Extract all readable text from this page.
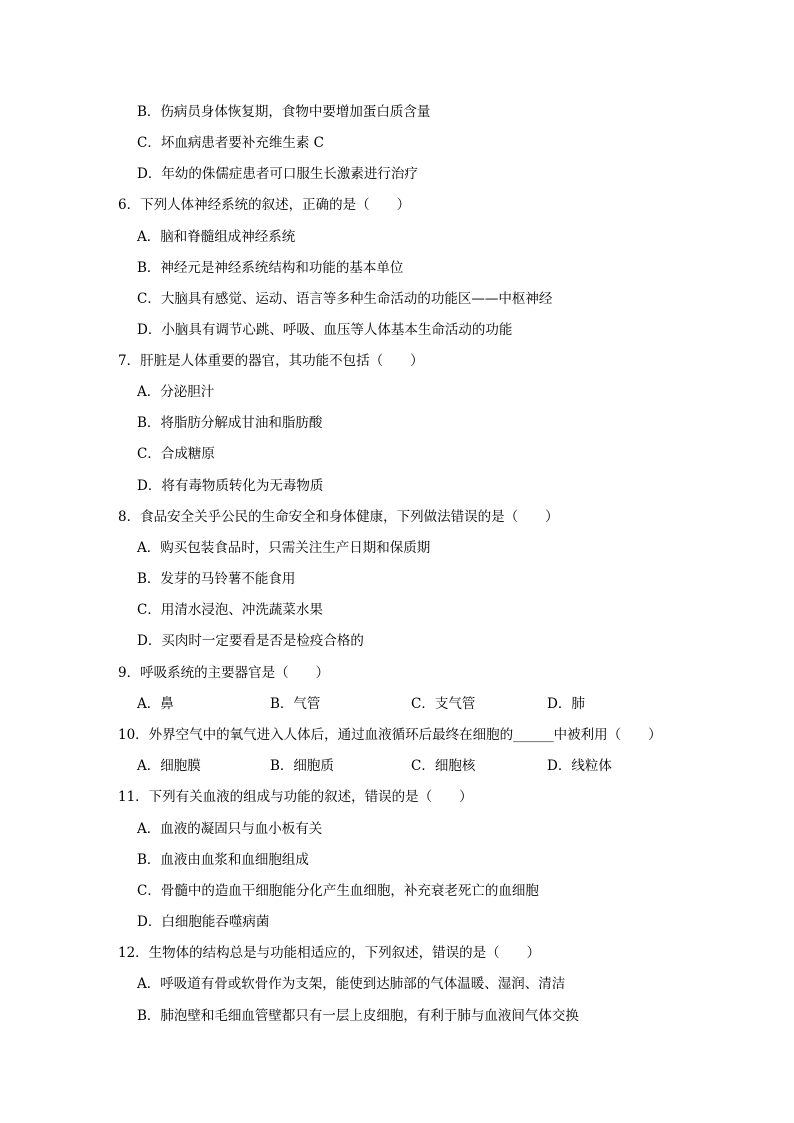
B．伤病员身体恢复期，食物中要增加蛋白质含量
C．坏血病患者要补充维生素 C
D．年幼的侏儒症患者可口服生长激素进行治疗
6．下列人体神经系统的叙述，正确的是（　　）
A．脑和脊髓组成神经系统
B．神经元是神经系统结构和功能的基本单位
C．大脑具有感觉、运动、语言等多种生命活动的功能区——中枢神经
D．小脑具有调节心跳、呼吸、血压等人体基本生命活动的功能
7．肝脏是人体重要的器官，其功能不包括（　　）
A．分泌胆汁
B．将脂肪分解成甘油和脂肪酸
C．合成糖原
D．将有毒物质转化为无毒物质
8．食品安全关乎公民的生命安全和身体健康，下列做法错误的是（　　）
A．购买包装食品时，只需关注生产日期和保质期
B．发芽的马铃薯不能食用
C．用清水浸泡、冲洗蔬菜水果
D．买肉时一定要看是否是检疫合格的
9．呼吸系统的主要器官是（　　）
A．鼻	B．气管	C．支气管	D．肺
10．外界空气中的氧气进入人体后，通过血液循环后最终在细胞的______中被利用（　　）
A．细胞膜	B．细胞质	C．细胞核	D．线粒体
11．下列有关血液的组成与功能的叙述，错误的是（　　）
A．血液的凝固只与血小板有关
B．血液由血浆和血细胞组成
C．骨髓中的造血干细胞能分化产生血细胞，补充衰老死亡的血细胞
D．白细胞能吞噬病菌
12．生物体的结构总是与功能相适应的，下列叙述，错误的是（　　）
A．呼吸道有骨或软骨作为支架，能使到达肺部的气体温暖、湿润、清洁
B．肺泡壁和毛细血管壁都只有一层上皮细胞，有利于肺与血液间气体交换
